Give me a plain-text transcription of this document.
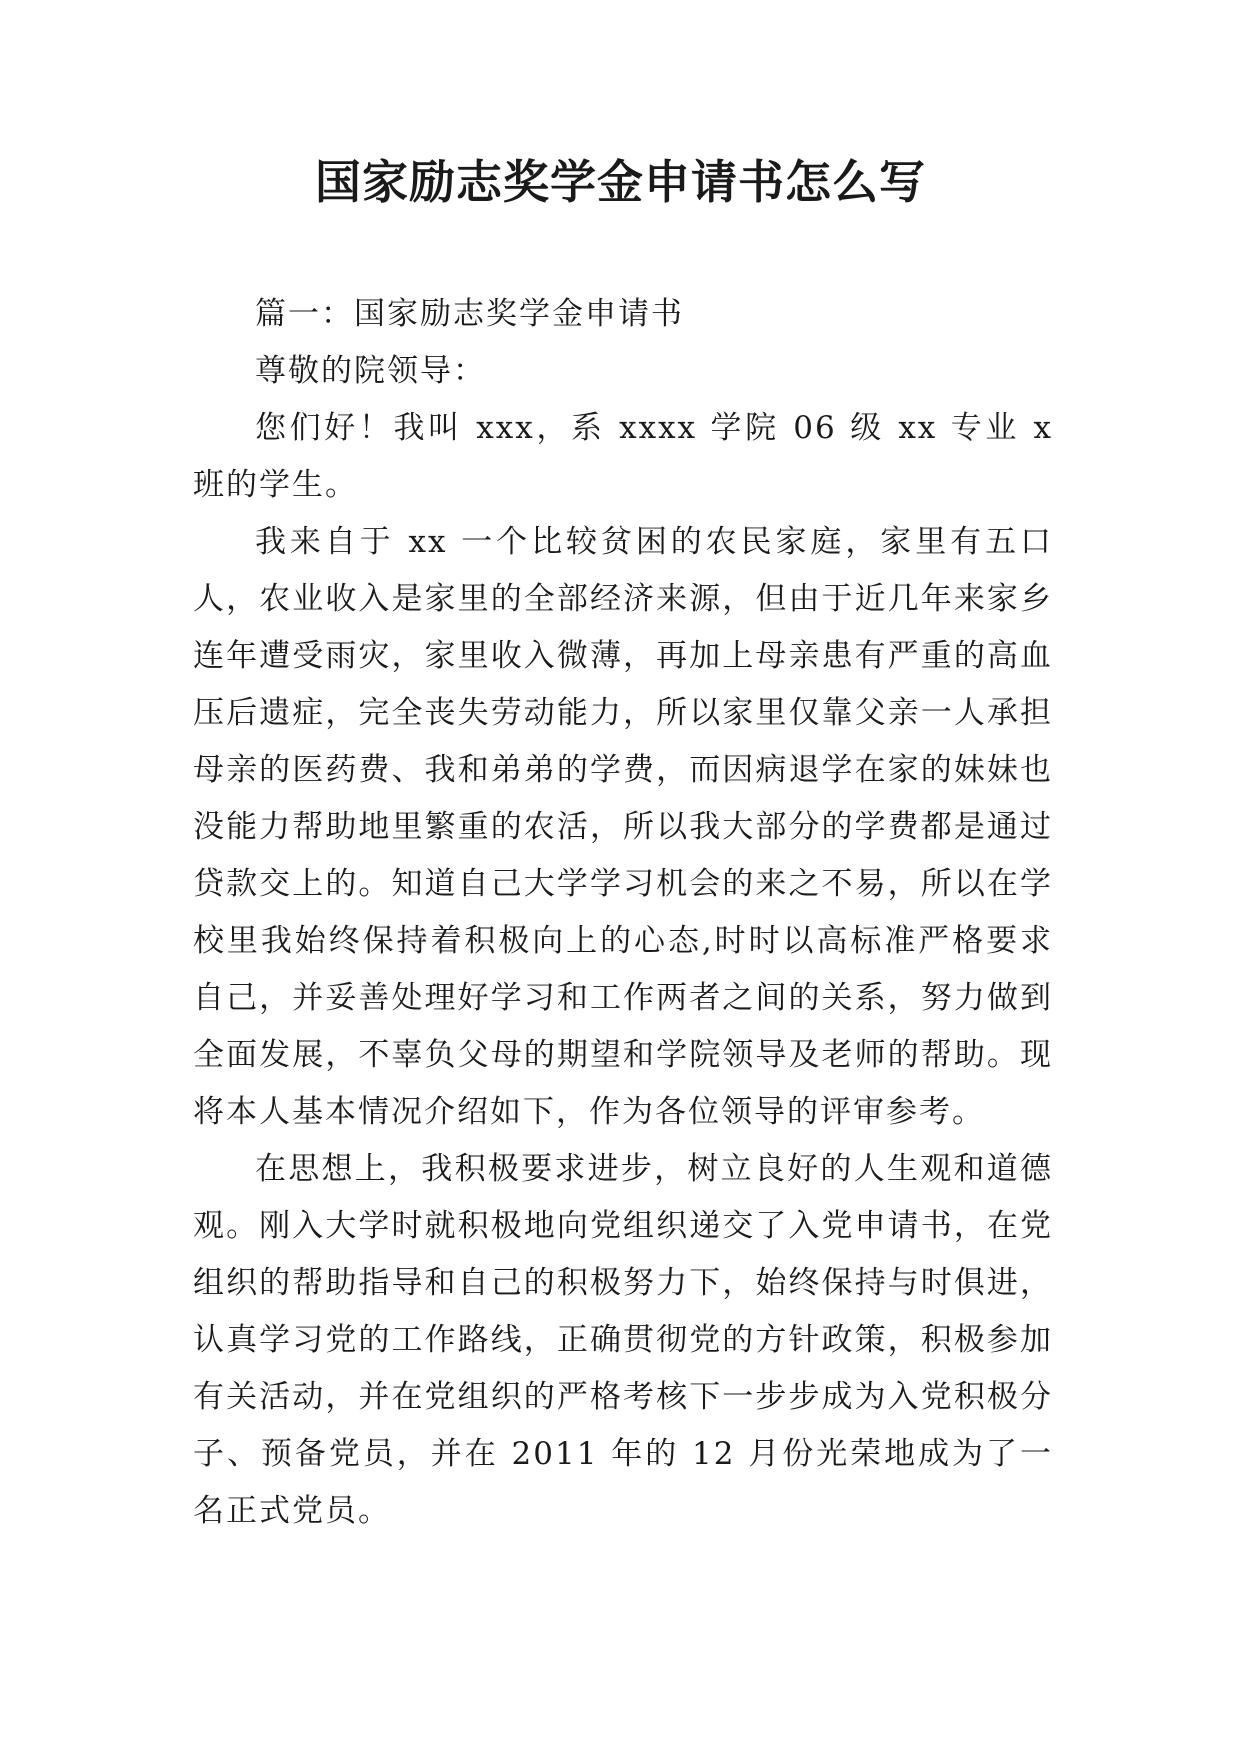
国家励志奖学金申请书怎么写

篇一：国家励志奖学金申请书

尊敬的院领导：

您们好！我叫 xxx，系 xxxx 学院 06 级 xx 专业 x 班的学生。

我来自于 xx 一个比较贫困的农民家庭，家里有五口人，农业收入是家里的全部经济来源，但由于近几年来家乡连年遭受雨灾，家里收入微薄，再加上母亲患有严重的高血压后遗症，完全丧失劳动能力，所以家里仅靠父亲一人承担母亲的医药费、我和弟弟的学费，而因病退学在家的妹妹也没能力帮助地里繁重的农活，所以我大部分的学费都是通过贷款交上的。知道自己大学学习机会的来之不易，所以在学校里我始终保持着积极向上的心态,时时以高标准严格要求自己，并妥善处理好学习和工作两者之间的关系，努力做到全面发展，不辜负父母的期望和学院领导及老师的帮助。现将本人基本情况介绍如下，作为各位领导的评审参考。

在思想上，我积极要求进步，树立良好的人生观和道德观。刚入大学时就积极地向党组织递交了入党申请书，在党组织的帮助指导和自己的积极努力下，始终保持与时俱进，认真学习党的工作路线，正确贯彻党的方针政策，积极参加有关活动，并在党组织的严格考核下一步步成为入党积极分子、预备党员，并在 2011 年的 12 月份光荣地成为了一名正式党员。
